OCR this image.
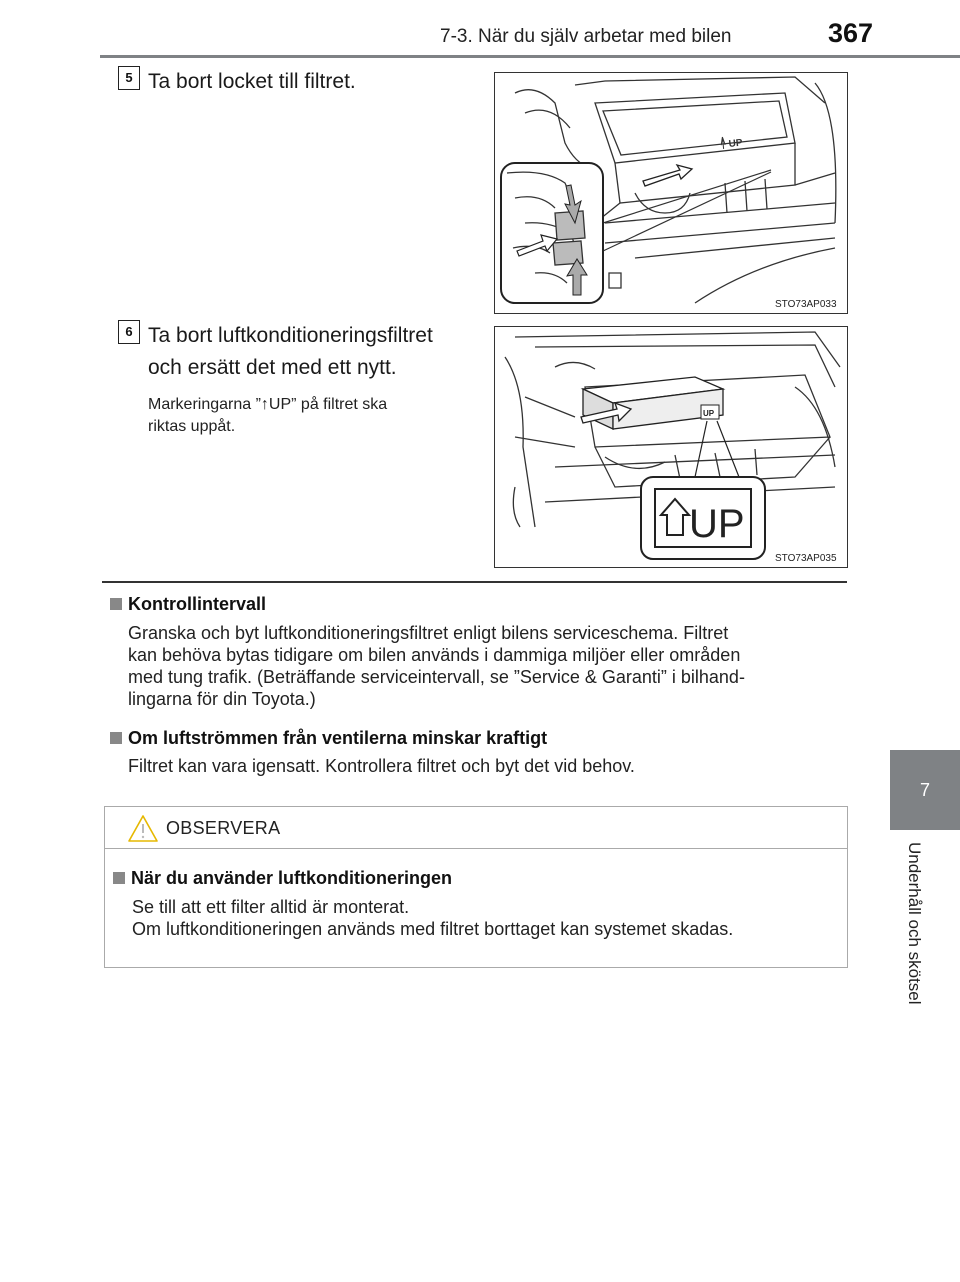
7-3. När du själv arbetar med bilen	367
7
Underhåll och skötsel
5 Ta bort locket till filtret.
UP
STO73AP033
6 Ta bort luftkonditioneringsfiltret
och ersätt det med ett nytt.
Markeringarna ”↑UP” på filtret ska
riktas uppåt.
UP
UP
STO73AP035
Kontrollintervall
Granska och byt luftkonditioneringsfiltret enligt bilens serviceschema. Filtret
kan behöva bytas tidigare om bilen används i dammiga miljöer eller områden
med tung trafik. (Beträffande serviceintervall, se ”Service & Garanti” i bilhand-
lingarna för din Toyota.)
Om luftströmmen från ventilerna minskar kraftigt
Filtret kan vara igensatt. Kontrollera filtret och byt det vid behov.
OBSERVERA
När du använder luftkonditioneringen
Se till att ett filter alltid är monterat.
Om luftkonditioneringen används med filtret borttaget kan systemet skadas.
